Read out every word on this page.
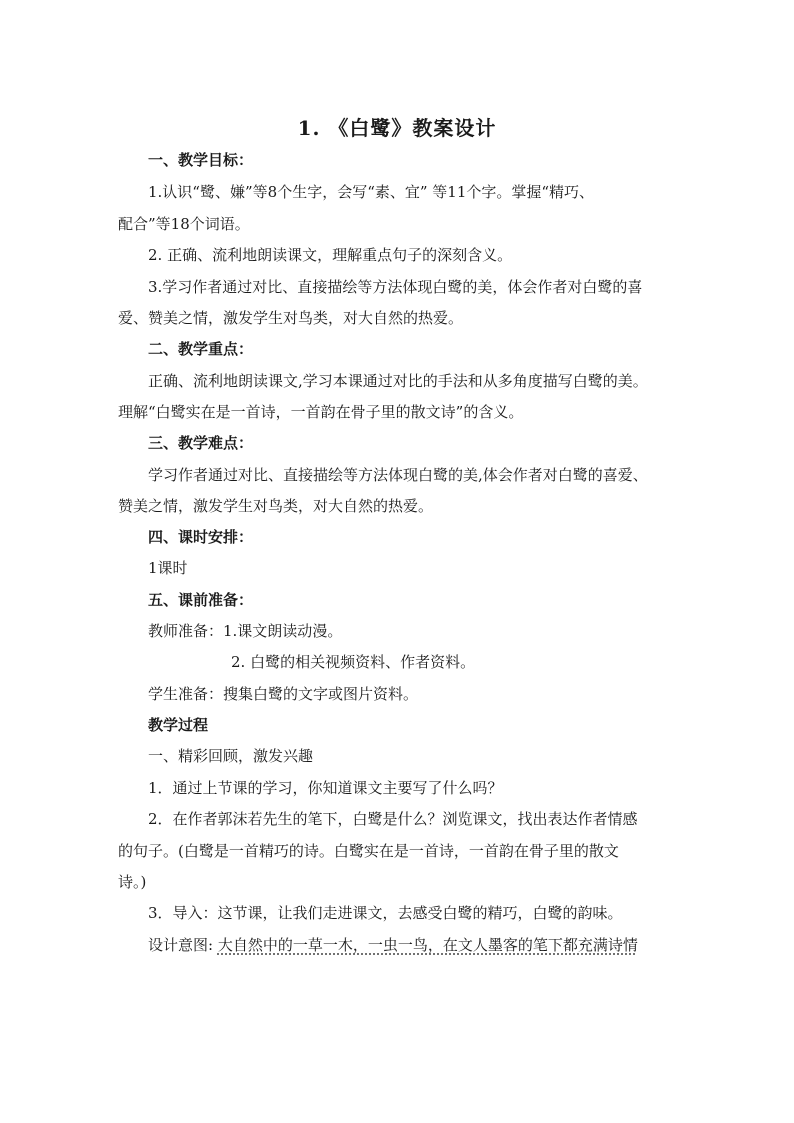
1. 《白鹭》教案设计
一、教学目标：
1.认识“鹭、嫌”等8个生字，会写“素、宜” 等11个字。掌握“精巧、
配合”等18个词语。
2. 正确、流利地朗读课文，理解重点句子的深刻含义。
3.学习作者通过对比、直接描绘等方法体现白鹭的美，体会作者对白鹭的喜
爱、赞美之情，激发学生对鸟类，对大自然的热爱。
二、教学重点：
正确、流利地朗读课文,学习本课通过对比的手法和从多角度描写白鹭的美。
理解“白鹭实在是一首诗，一首韵在骨子里的散文诗”的含义。
三、教学难点：
学习作者通过对比、直接描绘等方法体现白鹭的美,体会作者对白鹭的喜爱、
赞美之情，激发学生对鸟类，对大自然的热爱。
四、课时安排：
1课时
五、课前准备：
教师准备：1.课文朗读动漫。
2. 白鹭的相关视频资料、作者资料。
学生准备：搜集白鹭的文字或图片资料。
教学过程
一、精彩回顾，激发兴趣
1．通过上节课的学习，你知道课文主要写了什么吗？
2．在作者郭沫若先生的笔下，白鹭是什么？浏览课文，找出表达作者情感
的句子。(白鹭是一首精巧的诗。白鹭实在是一首诗，一首韵在骨子里的散文
诗。)
3．导入：这节课，让我们走进课文，去感受白鹭的精巧，白鹭的韵味。
设计意图: 大自然中的一草一木，一虫一鸟，在文人墨客的笔下都充满诗情
